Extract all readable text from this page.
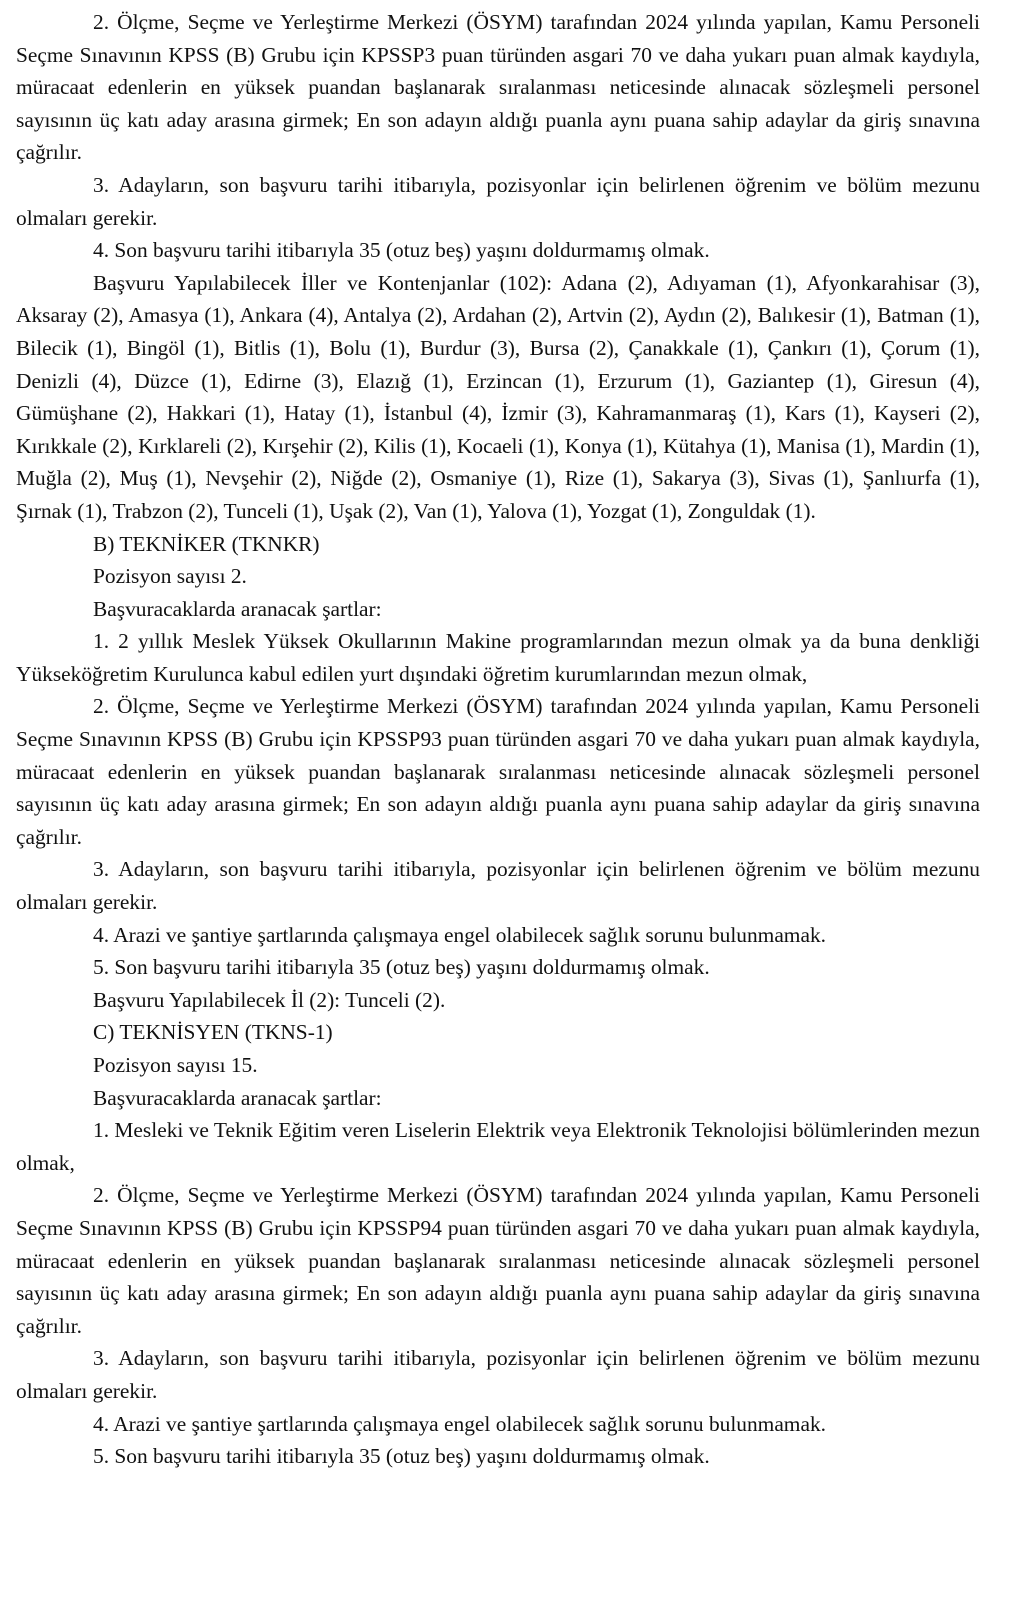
2. Ölçme, Seçme ve Yerleştirme Merkezi (ÖSYM) tarafından 2024 yılında yapılan, Kamu Personeli Seçme Sınavının KPSS (B) Grubu için KPSSP3 puan türünden asgari 70 ve daha yukarı puan almak kaydıyla, müracaat edenlerin en yüksek puandan başlanarak sıralanması neticesinde alınacak sözleşmeli personel sayısının üç katı aday arasına girmek; En son adayın aldığı puanla aynı puana sahip adaylar da giriş sınavına çağrılır.

3. Adayların, son başvuru tarihi itibarıyla, pozisyonlar için belirlenen öğrenim ve bölüm mezunu olmaları gerekir.

4. Son başvuru tarihi itibarıyla 35 (otuz beş) yaşını doldurmamış olmak.

Başvuru Yapılabilecek İller ve Kontenjanlar (102): Adana (2), Adıyaman (1), Afyonkarahisar (3), Aksaray (2), Amasya (1), Ankara (4), Antalya (2), Ardahan (2), Artvin (2), Aydın (2), Balıkesir (1), Batman (1), Bilecik (1), Bingöl (1), Bitlis (1), Bolu (1), Burdur (3), Bursa (2), Çanakkale (1), Çankırı (1), Çorum (1), Denizli (4), Düzce (1), Edirne (3), Elazığ (1), Erzincan (1), Erzurum (1), Gaziantep (1), Giresun (4), Gümüşhane (2), Hakkari (1), Hatay (1), İstanbul (4), İzmir (3), Kahramanmaraş (1), Kars (1), Kayseri (2), Kırıkkale (2), Kırklareli (2), Kırşehir (2), Kilis (1), Kocaeli (1), Konya (1), Kütahya (1), Manisa (1), Mardin (1), Muğla (2), Muş (1), Nevşehir (2), Niğde (2), Osmaniye (1), Rize (1), Sakarya (3), Sivas (1), Şanlıurfa (1), Şırnak (1), Trabzon (2), Tunceli (1), Uşak (2), Van (1), Yalova (1), Yozgat (1), Zonguldak (1).

B) TEKNİKER (TKNKR)

Pozisyon sayısı 2.

Başvuracaklarda aranacak şartlar:

1. 2 yıllık Meslek Yüksek Okullarının Makine programlarından mezun olmak ya da buna denkliği Yükseköğretim Kurulunca kabul edilen yurt dışındaki öğretim kurumlarından mezun olmak,

2. Ölçme, Seçme ve Yerleştirme Merkezi (ÖSYM) tarafından 2024 yılında yapılan, Kamu Personeli Seçme Sınavının KPSS (B) Grubu için KPSSP93 puan türünden asgari 70 ve daha yukarı puan almak kaydıyla, müracaat edenlerin en yüksek puandan başlanarak sıralanması neticesinde alınacak sözleşmeli personel sayısının üç katı aday arasına girmek; En son adayın aldığı puanla aynı puana sahip adaylar da giriş sınavına çağrılır.

3. Adayların, son başvuru tarihi itibarıyla, pozisyonlar için belirlenen öğrenim ve bölüm mezunu olmaları gerekir.

4. Arazi ve şantiye şartlarında çalışmaya engel olabilecek sağlık sorunu bulunmamak.

5. Son başvuru tarihi itibarıyla 35 (otuz beş) yaşını doldurmamış olmak.

Başvuru Yapılabilecek İl (2): Tunceli (2).

C) TEKNİSYEN (TKNS-1)

Pozisyon sayısı 15.

Başvuracaklarda aranacak şartlar:

1. Mesleki ve Teknik Eğitim veren Liselerin Elektrik veya Elektronik Teknolojisi bölümlerinden mezun olmak,

2. Ölçme, Seçme ve Yerleştirme Merkezi (ÖSYM) tarafından 2024 yılında yapılan, Kamu Personeli Seçme Sınavının KPSS (B) Grubu için KPSSP94 puan türünden asgari 70 ve daha yukarı puan almak kaydıyla, müracaat edenlerin en yüksek puandan başlanarak sıralanması neticesinde alınacak sözleşmeli personel sayısının üç katı aday arasına girmek; En son adayın aldığı puanla aynı puana sahip adaylar da giriş sınavına çağrılır.

3. Adayların, son başvuru tarihi itibarıyla, pozisyonlar için belirlenen öğrenim ve bölüm mezunu olmaları gerekir.

4. Arazi ve şantiye şartlarında çalışmaya engel olabilecek sağlık sorunu bulunmamak.

5. Son başvuru tarihi itibarıyla 35 (otuz beş) yaşını doldurmamış olmak.
